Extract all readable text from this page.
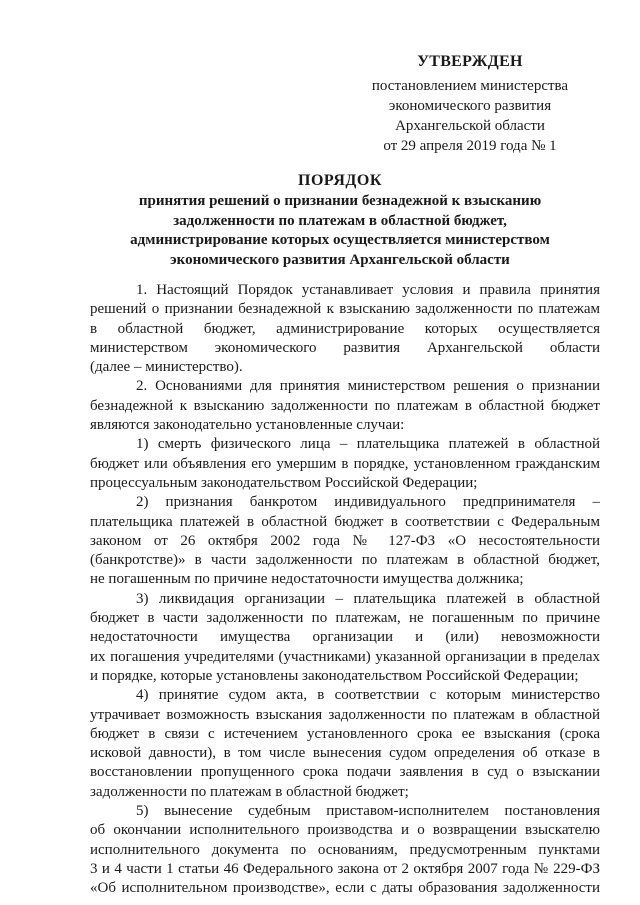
УТВЕРЖДЕН
постановлением министерства
экономического развития
Архангельской области
от 29 апреля 2019 года № 1
ПОРЯДОК
принятия решений о признании безнадежной к взысканию
задолженности по платежам в областной бюджет,
администрирование которых осуществляется министерством
экономического развития Архангельской области
1. Настоящий Порядок устанавливает условия и правила принятия
решений о признании безнадежной к взысканию задолженности по платежам
в областной бюджет, администрирование которых осуществляется
министерством экономического развития Архангельской области
(далее – министерство).
2. Основаниями для принятия министерством решения о признании
безнадежной к взысканию задолженности по платежам в областной бюджет
являются законодательно установленные случаи:
1) смерть физического лица – плательщика платежей в областной
бюджет или объявления его умершим в порядке, установленном гражданским
процессуальным законодательством Российской Федерации;
2) признания банкротом индивидуального предпринимателя –
плательщика платежей в областной бюджет в соответствии с Федеральным
законом от 26 октября 2002 года № 127-ФЗ «О несостоятельности
(банкротстве)» в части задолженности по платежам в областной бюджет,
не погашенным по причине недостаточности имущества должника;
3) ликвидация организации – плательщика платежей в областной
бюджет в части задолженности по платежам, не погашенным по причине
недостаточности имущества организации и (или) невозможности
их погашения учредителями (участниками) указанной организации в пределах
и порядке, которые установлены законодательством Российской Федерации;
4) принятие судом акта, в соответствии с которым министерство
утрачивает возможность взыскания задолженности по платежам в областной
бюджет в связи с истечением установленного срока ее взыскания (срока
исковой давности), в том числе вынесения судом определения об отказе в
восстановлении пропущенного срока подачи заявления в суд о взыскании
задолженности по платежам в областной бюджет;
5) вынесение судебным приставом-исполнителем постановления
об окончании исполнительного производства и о возвращении взыскателю
исполнительного документа по основаниям, предусмотренным пунктами
3 и 4 части 1 статьи 46 Федерального закона от 2 октября 2007 года № 229-ФЗ
«Об исполнительном производстве», если с даты образования задолженности
